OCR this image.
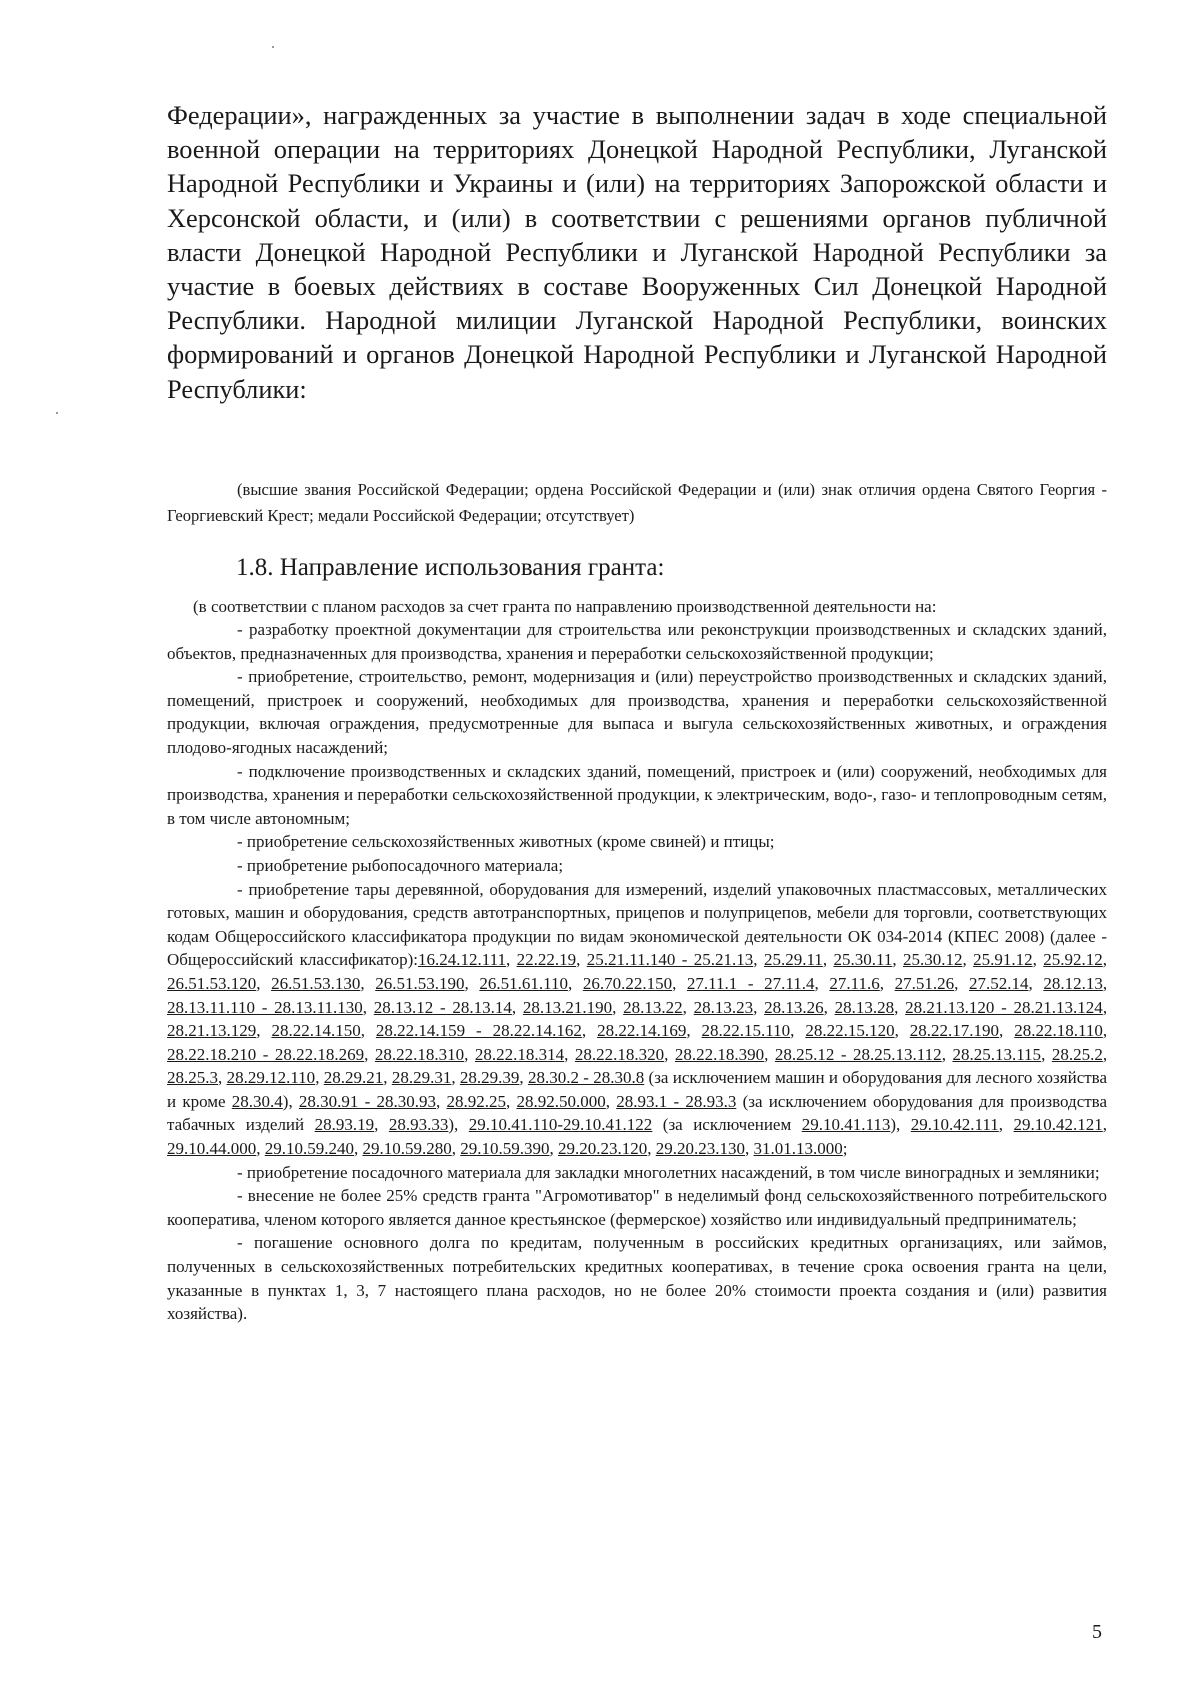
Федерации», награжденных за участие в выполнении задач в ходе специальной военной операции на территориях Донецкой Народной Республики, Луганской Народной Республики и Украины и (или) на территориях Запорожской области и Херсонской области, и (или) в соответствии с решениями органов публичной власти Донецкой Народной Республики и Луганской Народной Республики за участие в боевых действиях в составе Вооруженных Сил Донецкой Народной Республики. Народной милиции Луганской Народной Республики, воинских формирований и органов Донецкой Народной Республики и Луганской Народной Республики:

(высшие звания Российской Федерации; ордена Российской Федерации и (или) знак отличия ордена Святого Георгия - Георгиевский Крест; медали Российской Федерации; отсутствует)

1.8. Направление использования гранта:

(в соответствии с планом расходов за счет гранта по направлению производственной деятельности на:

- разработку проектной документации для строительства или реконструкции производственных и складских зданий, объектов, предназначенных для производства, хранения и переработки сельскохозяйственной продукции;

- приобретение, строительство, ремонт, модернизация и (или) переустройство производственных и складских зданий, помещений, пристроек и сооружений, необходимых для производства, хранения и переработки сельскохозяйственной продукции, включая ограждения, предусмотренные для выпаса и выгула сельскохозяйственных животных, и ограждения плодово-ягодных насаждений;

- подключение производственных и складских зданий, помещений, пристроек и (или) сооружений, необходимых для производства, хранения и переработки сельскохозяйственной продукции, к электрическим, водо-, газо- и теплопроводным сетям, в том числе автономным;

- приобретение сельскохозяйственных животных (кроме свиней) и птицы;

- приобретение рыбопосадочного материала;

- приобретение тары деревянной, оборудования для измерений, изделий упаковочных пластмассовых, металлических готовых, машин и оборудования, средств автотранспортных, прицепов и полуприцепов, мебели для торговли, соответствующих кодам Общероссийского классификатора продукции по видам экономической деятельности ОК 034-2014 (КПЕС 2008) (далее - Общероссийский классификатор):16.24.12.111, 22.22.19, 25.21.11.140 - 25.21.13, 25.29.11, 25.30.11, 25.30.12, 25.91.12, 25.92.12, 26.51.53.120, 26.51.53.130, 26.51.53.190, 26.51.61.110, 26.70.22.150, 27.11.1 - 27.11.4, 27.11.6, 27.51.26, 27.52.14, 28.12.13, 28.13.11.110 - 28.13.11.130, 28.13.12 - 28.13.14, 28.13.21.190, 28.13.22, 28.13.23, 28.13.26, 28.13.28, 28.21.13.120 - 28.21.13.124, 28.21.13.129, 28.22.14.150, 28.22.14.159 - 28.22.14.162, 28.22.14.169, 28.22.15.110, 28.22.15.120, 28.22.17.190, 28.22.18.110, 28.22.18.210 - 28.22.18.269, 28.22.18.310, 28.22.18.314, 28.22.18.320, 28.22.18.390, 28.25.12 - 28.25.13.112, 28.25.13.115, 28.25.2, 28.25.3, 28.29.12.110, 28.29.21, 28.29.31, 28.29.39, 28.30.2 - 28.30.8 (за исключением машин и оборудования для лесного хозяйства и кроме 28.30.4), 28.30.91 - 28.30.93, 28.92.25, 28.92.50.000, 28.93.1 - 28.93.3 (за исключением оборудования для производства табачных изделий 28.93.19, 28.93.33), 29.10.41.110-29.10.41.122 (за исключением 29.10.41.113), 29.10.42.111, 29.10.42.121, 29.10.44.000, 29.10.59.240, 29.10.59.280, 29.10.59.390, 29.20.23.120, 29.20.23.130, 31.01.13.000;

- приобретение посадочного материала для закладки многолетних насаждений, в том числе виноградных и земляники;

- внесение не более 25% средств гранта "Агромотиватор" в неделимый фонд сельскохозяйственного потребительского кооператива, членом которого является данное крестьянское (фермерское) хозяйство или индивидуальный предприниматель;

- погашение основного долга по кредитам, полученным в российских кредитных организациях, или займов, полученных в сельскохозяйственных потребительских кредитных кооперативах, в течение срока освоения гранта на цели, указанные в пунктах 1, 3, 7 настоящего плана расходов, но не более 20% стоимости проекта создания и (или) развития хозяйства).

5
